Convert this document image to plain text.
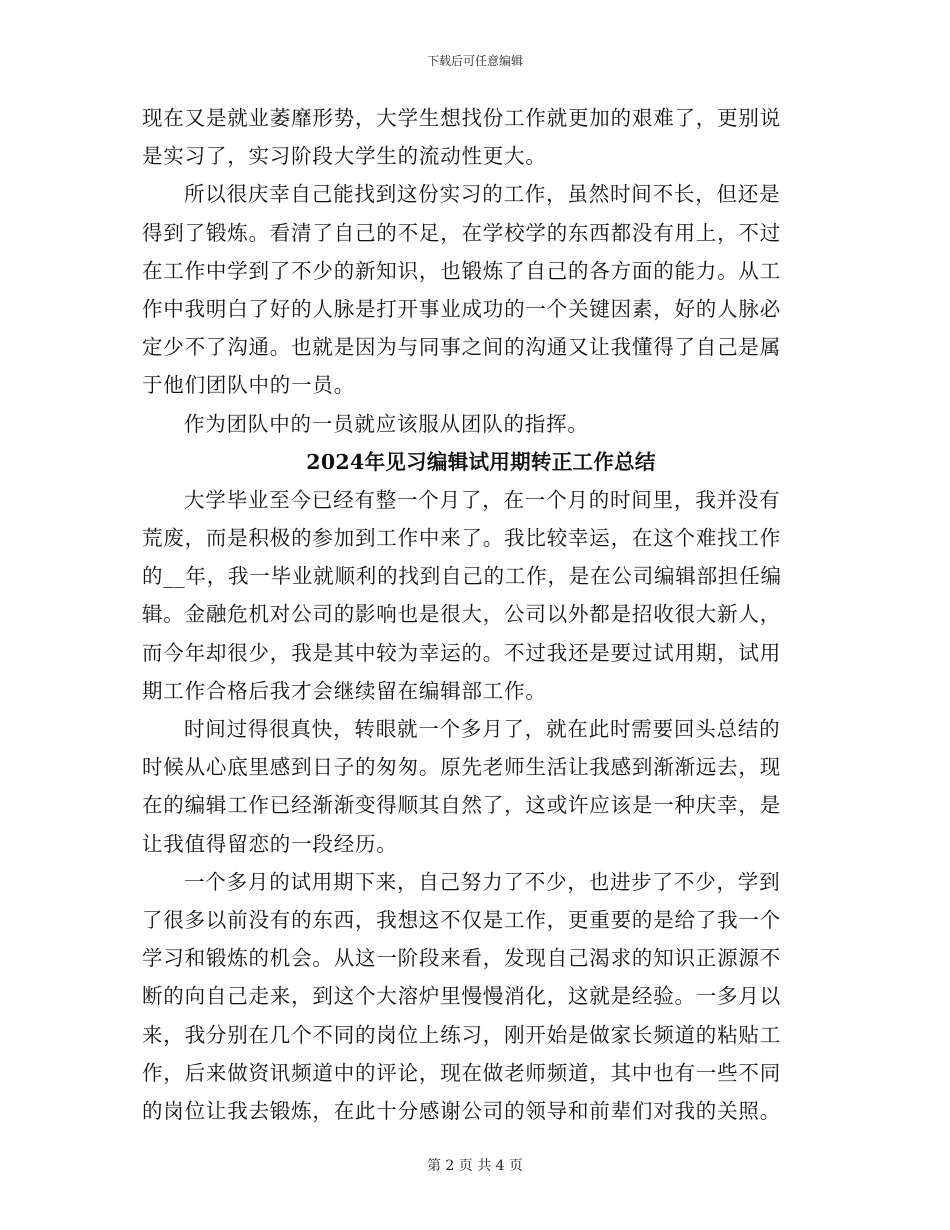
下载后可任意编辑
现在又是就业萎靡形势，大学生想找份工作就更加的艰难了，更别说
是实习了，实习阶段大学生的流动性更大。
所以很庆幸自己能找到这份实习的工作，虽然时间不长，但还是
得到了锻炼。看清了自己的不足，在学校学的东西都没有用上，不过
在工作中学到了不少的新知识，也锻炼了自己的各方面的能力。从工
作中我明白了好的人脉是打开事业成功的一个关键因素，好的人脉必
定少不了沟通。也就是因为与同事之间的沟通又让我懂得了自己是属
于他们团队中的一员。
作为团队中的一员就应该服从团队的指挥。
2024年见习编辑试用期转正工作总结
大学毕业至今已经有整一个月了，在一个月的时间里，我并没有
荒废，而是积极的参加到工作中来了。我比较幸运，在这个难找工作
的__年，我一毕业就顺利的找到自己的工作，是在公司编辑部担任编
辑。金融危机对公司的影响也是很大，公司以外都是招收很大新人，
而今年却很少，我是其中较为幸运的。不过我还是要过试用期，试用
期工作合格后我才会继续留在编辑部工作。
时间过得很真快，转眼就一个多月了，就在此时需要回头总结的
时候从心底里感到日子的匆匆。原先老师生活让我感到渐渐远去，现
在的编辑工作已经渐渐变得顺其自然了，这或许应该是一种庆幸，是
让我值得留恋的一段经历。
一个多月的试用期下来，自己努力了不少，也进步了不少，学到
了很多以前没有的东西，我想这不仅是工作，更重要的是给了我一个
学习和锻炼的机会。从这一阶段来看，发现自己渴求的知识正源源不
断的向自己走来，到这个大溶炉里慢慢消化，这就是经验。一多月以
来，我分别在几个不同的岗位上练习，刚开始是做家长频道的粘贴工
作，后来做资讯频道中的评论，现在做老师频道，其中也有一些不同
的岗位让我去锻炼，在此十分感谢公司的领导和前辈们对我的关照。
第 2 页 共 4 页
